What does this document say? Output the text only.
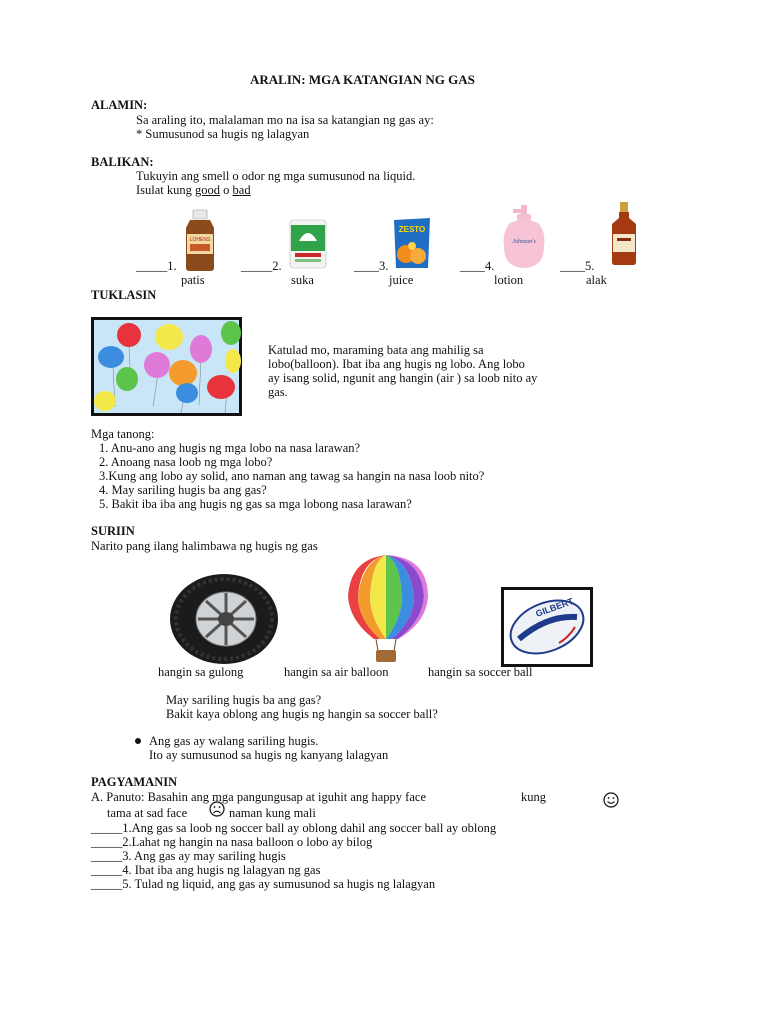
ARALIN: MGA KATANGIAN NG GAS
ALAMIN:
Sa araling ito, malalaman mo na isa sa katangian ng gas ay:
* Sumusunod sa hugis ng lalagyan
BALIKAN:
Tukuyin ang smell o odor ng mga sumusunod na liquid.
Isulat kung good o bad
LOHENS
ZESTO
Johnson's
_____1.	_____2.	____3.	____4.	____5.
patis	suka	juice	lotion	alak
TUKLASIN
Katulad mo, maraming bata ang mahilig sa
lobo(balloon). Ibat iba ang hugis ng lobo. Ang lobo
ay isang solid, ngunit ang hangin (air ) sa loob nito ay
gas.
Mga tanong:
1. Anu-ano ang hugis ng mga lobo na nasa larawan?
2. Anoang nasa loob ng mga lobo?
3.Kung ang lobo ay solid, ano naman ang tawag sa hangin na nasa loob nito?
4. May sariling hugis ba ang gas?
5. Bakit iba iba ang hugis ng gas sa mga lobong nasa larawan?
SURIIN
Narito pang ilang halimbawa ng hugis ng gas
GILBERT
hangin sa gulong	hangin sa air balloon	hangin sa soccer ball
May sariling hugis ba ang gas?
Bakit kaya oblong ang hugis ng hangin sa soccer ball?
Ang gas ay walang sariling hugis.
Ito ay sumusunod sa hugis ng kanyang lalagyan
PAGYAMANIN
A. Panuto: Basahin ang mga pangungusap at iguhit ang happy face	kung
tama at sad face	naman kung mali
_____1.Ang gas sa loob ng soccer ball ay oblong dahil ang soccer ball ay oblong
_____2.Lahat ng hangin na nasa balloon o lobo ay bilog
_____3. Ang gas ay may sariling hugis
_____4. Ibat iba ang hugis ng lalagyan ng gas
_____5. Tulad ng liquid, ang gas ay sumusunod sa hugis ng lalagyan
